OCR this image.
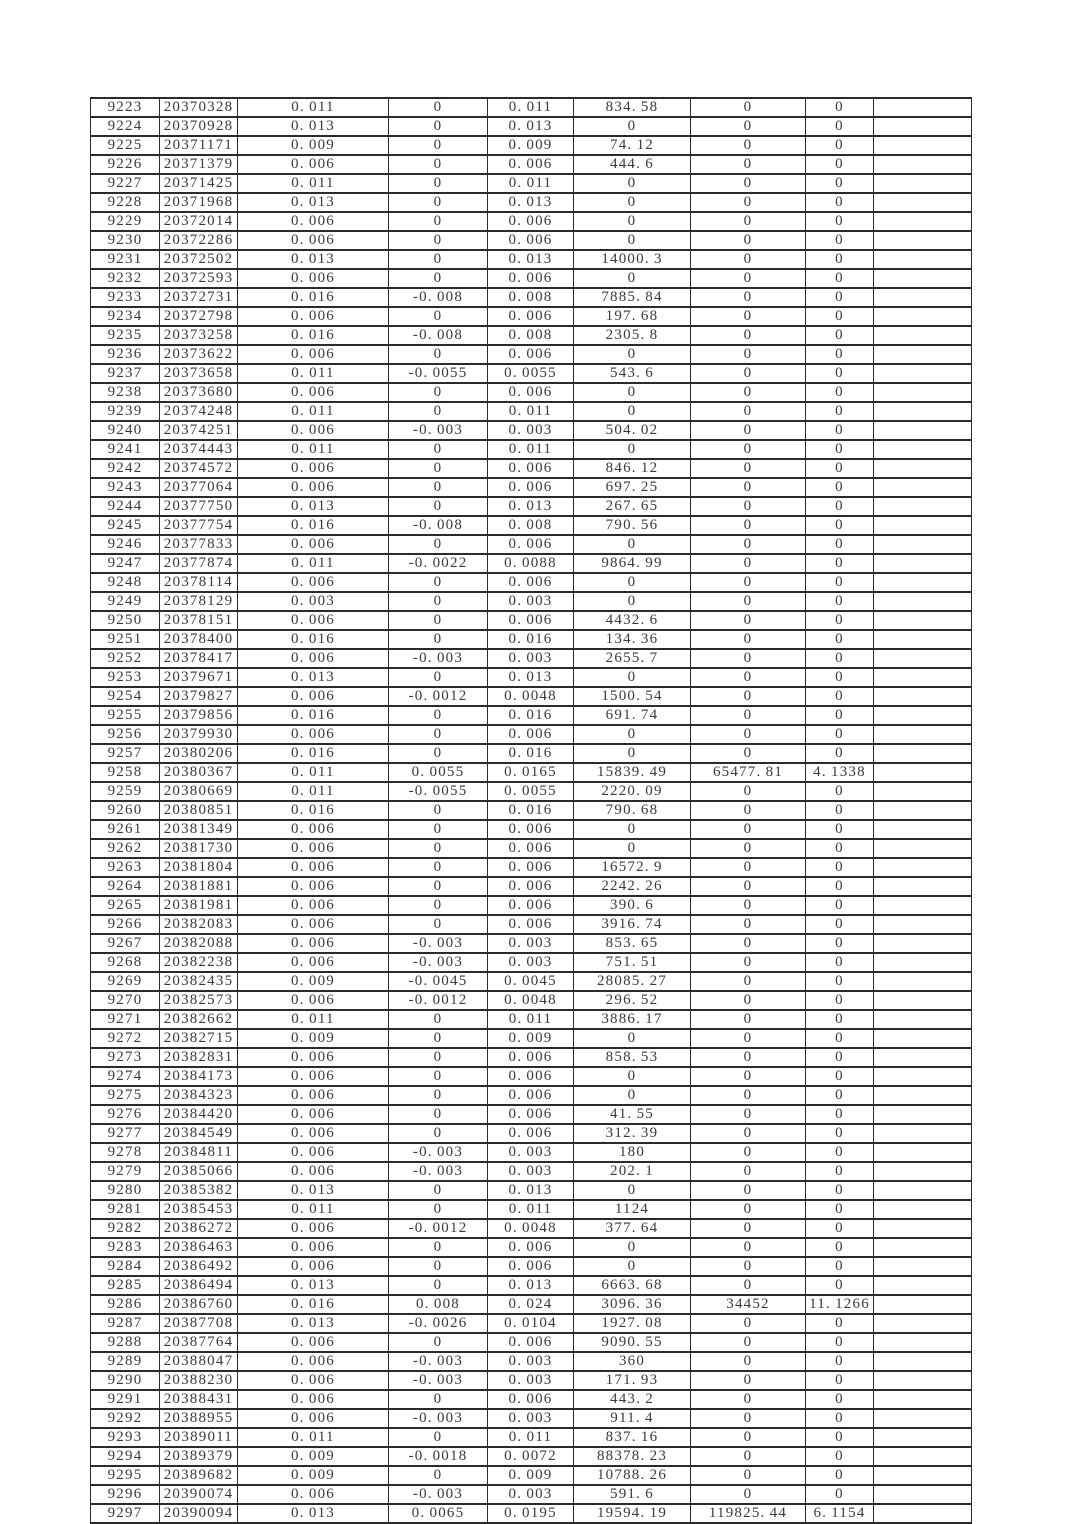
9223	20370328	0. 011	0	0. 011	834. 58	0	0	
9224	20370928	0. 013	0	0. 013	0	0	0	
9225	20371171	0. 009	0	0. 009	74. 12	0	0	
9226	20371379	0. 006	0	0. 006	444. 6	0	0	
9227	20371425	0. 011	0	0. 011	0	0	0	
9228	20371968	0. 013	0	0. 013	0	0	0	
9229	20372014	0. 006	0	0. 006	0	0	0	
9230	20372286	0. 006	0	0. 006	0	0	0	
9231	20372502	0. 013	0	0. 013	14000. 3	0	0	
9232	20372593	0. 006	0	0. 006	0	0	0	
9233	20372731	0. 016	-0. 008	0. 008	7885. 84	0	0	
9234	20372798	0. 006	0	0. 006	197. 68	0	0	
9235	20373258	0. 016	-0. 008	0. 008	2305. 8	0	0	
9236	20373622	0. 006	0	0. 006	0	0	0	
9237	20373658	0. 011	-0. 0055	0. 0055	543. 6	0	0	
9238	20373680	0. 006	0	0. 006	0	0	0	
9239	20374248	0. 011	0	0. 011	0	0	0	
9240	20374251	0. 006	-0. 003	0. 003	504. 02	0	0	
9241	20374443	0. 011	0	0. 011	0	0	0	
9242	20374572	0. 006	0	0. 006	846. 12	0	0	
9243	20377064	0. 006	0	0. 006	697. 25	0	0	
9244	20377750	0. 013	0	0. 013	267. 65	0	0	
9245	20377754	0. 016	-0. 008	0. 008	790. 56	0	0	
9246	20377833	0. 006	0	0. 006	0	0	0	
9247	20377874	0. 011	-0. 0022	0. 0088	9864. 99	0	0	
9248	20378114	0. 006	0	0. 006	0	0	0	
9249	20378129	0. 003	0	0. 003	0	0	0	
9250	20378151	0. 006	0	0. 006	4432. 6	0	0	
9251	20378400	0. 016	0	0. 016	134. 36	0	0	
9252	20378417	0. 006	-0. 003	0. 003	2655. 7	0	0	
9253	20379671	0. 013	0	0. 013	0	0	0	
9254	20379827	0. 006	-0. 0012	0. 0048	1500. 54	0	0	
9255	20379856	0. 016	0	0. 016	691. 74	0	0	
9256	20379930	0. 006	0	0. 006	0	0	0	
9257	20380206	0. 016	0	0. 016	0	0	0	
9258	20380367	0. 011	0. 0055	0. 0165	15839. 49	65477. 81	4. 1338	
9259	20380669	0. 011	-0. 0055	0. 0055	2220. 09	0	0	
9260	20380851	0. 016	0	0. 016	790. 68	0	0	
9261	20381349	0. 006	0	0. 006	0	0	0	
9262	20381730	0. 006	0	0. 006	0	0	0	
9263	20381804	0. 006	0	0. 006	16572. 9	0	0	
9264	20381881	0. 006	0	0. 006	2242. 26	0	0	
9265	20381981	0. 006	0	0. 006	390. 6	0	0	
9266	20382083	0. 006	0	0. 006	3916. 74	0	0	
9267	20382088	0. 006	-0. 003	0. 003	853. 65	0	0	
9268	20382238	0. 006	-0. 003	0. 003	751. 51	0	0	
9269	20382435	0. 009	-0. 0045	0. 0045	28085. 27	0	0	
9270	20382573	0. 006	-0. 0012	0. 0048	296. 52	0	0	
9271	20382662	0. 011	0	0. 011	3886. 17	0	0	
9272	20382715	0. 009	0	0. 009	0	0	0	
9273	20382831	0. 006	0	0. 006	858. 53	0	0	
9274	20384173	0. 006	0	0. 006	0	0	0	
9275	20384323	0. 006	0	0. 006	0	0	0	
9276	20384420	0. 006	0	0. 006	41. 55	0	0	
9277	20384549	0. 006	0	0. 006	312. 39	0	0	
9278	20384811	0. 006	-0. 003	0. 003	180	0	0	
9279	20385066	0. 006	-0. 003	0. 003	202. 1	0	0	
9280	20385382	0. 013	0	0. 013	0	0	0	
9281	20385453	0. 011	0	0. 011	1124	0	0	
9282	20386272	0. 006	-0. 0012	0. 0048	377. 64	0	0	
9283	20386463	0. 006	0	0. 006	0	0	0	
9284	20386492	0. 006	0	0. 006	0	0	0	
9285	20386494	0. 013	0	0. 013	6663. 68	0	0	
9286	20386760	0. 016	0. 008	0. 024	3096. 36	34452	11. 1266	
9287	20387708	0. 013	-0. 0026	0. 0104	1927. 08	0	0	
9288	20387764	0. 006	0	0. 006	9090. 55	0	0	
9289	20388047	0. 006	-0. 003	0. 003	360	0	0	
9290	20388230	0. 006	-0. 003	0. 003	171. 93	0	0	
9291	20388431	0. 006	0	0. 006	443. 2	0	0	
9292	20388955	0. 006	-0. 003	0. 003	911. 4	0	0	
9293	20389011	0. 011	0	0. 011	837. 16	0	0	
9294	20389379	0. 009	-0. 0018	0. 0072	88378. 23	0	0	
9295	20389682	0. 009	0	0. 009	10788. 26	0	0	
9296	20390074	0. 006	-0. 003	0. 003	591. 6	0	0	
9297	20390094	0. 013	0. 0065	0. 0195	19594. 19	119825. 44	6. 1154	
